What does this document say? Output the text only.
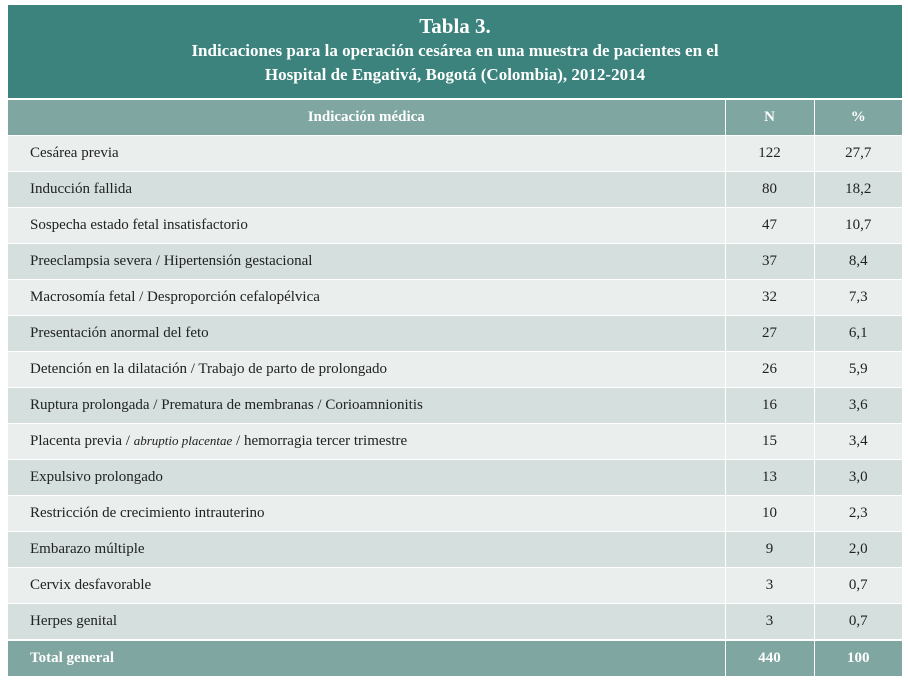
Tabla 3.
Indicaciones para la operación cesárea en una muestra de pacientes en el
Hospital de Engativá, Bogotá (Colombia), 2012-2014
Indicación médica	N	%
Cesárea previa	122	27,7
Inducción fallida	80	18,2
Sospecha estado fetal insatisfactorio	47	10,7
Preeclampsia severa / Hipertensión gestacional	37	8,4
Macrosomía fetal / Desproporción cefalopélvica	32	7,3
Presentación anormal del feto	27	6,1
Detención en la dilatación / Trabajo de parto de prolongado	26	5,9
Ruptura prolongada / Prematura de membranas / Corioamnionitis	16	3,6
Placenta previa / abruptio placentae / hemorragia tercer trimestre	15	3,4
Expulsivo prolongado	13	3,0
Restricción de crecimiento intrauterino	10	2,3
Embarazo múltiple	9	2,0
Cervix desfavorable	3	0,7
Herpes genital	3	0,7
Total general	440	100
